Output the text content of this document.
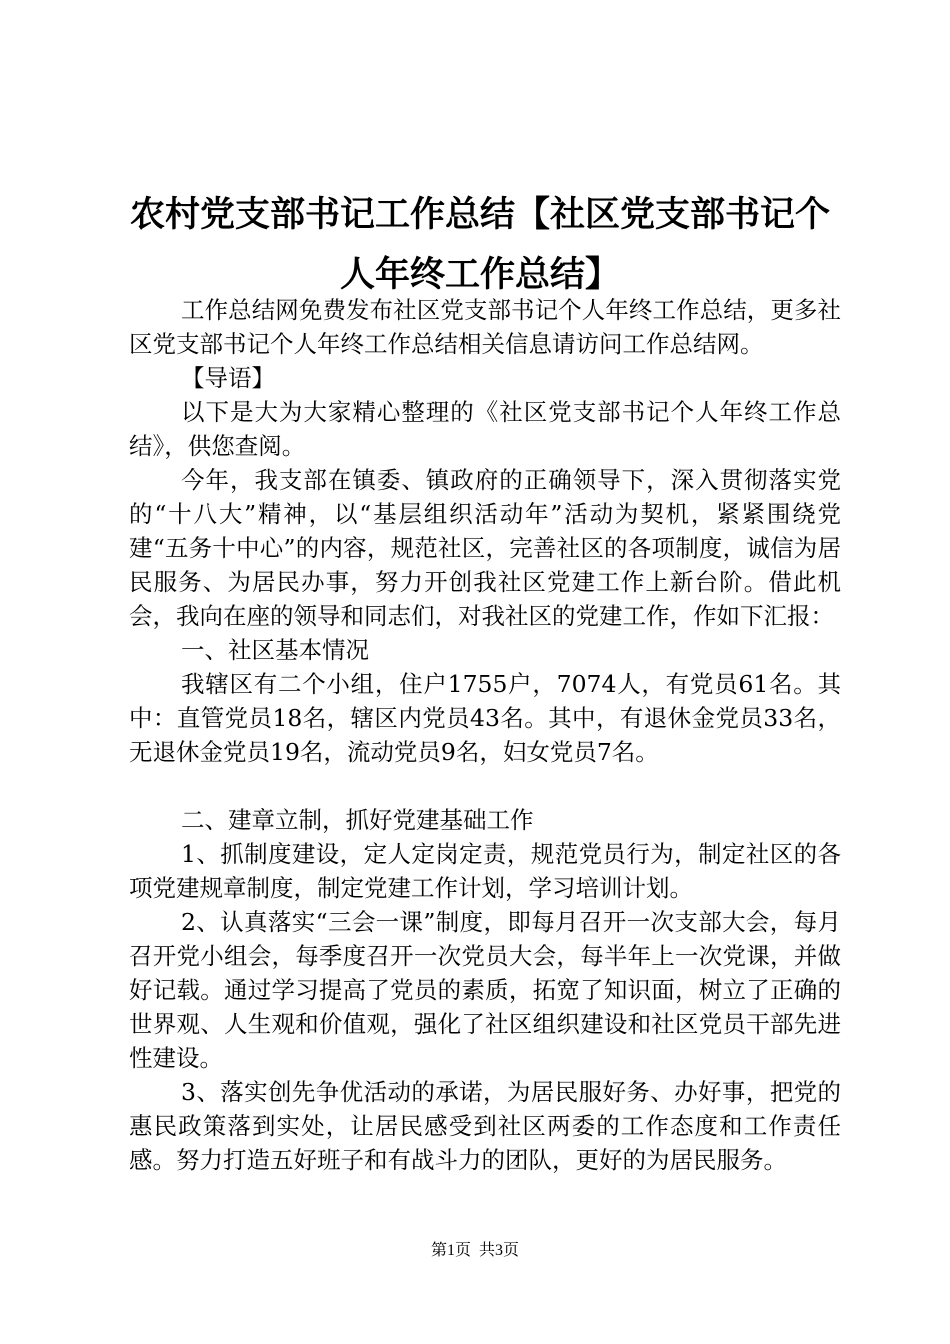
农村党支部书记工作总结【社区党支部书记个
人年终工作总结】

工作总结网免费发布社区党支部书记个人年终工作总结，更多社区党支部书记个人年终工作总结相关信息请访问工作总结网。

【导语】

以下是大为大家精心整理的《社区党支部书记个人年终工作总结》，供您查阅。

今年，我支部在镇委、镇政府的正确领导下，深入贯彻落实党的“十八大”精神，以“基层组织活动年”活动为契机，紧紧围绕党建“五务十中心”的内容，规范社区，完善社区的各项制度，诚信为居民服务、为居民办事，努力开创我社区党建工作上新台阶。借此机会，我向在座的领导和同志们，对我社区的党建工作，作如下汇报：

一、社区基本情况

我辖区有二个小组，住户1755户，7074人，有党员61名。其中：直管党员18名，辖区内党员43名。其中，有退休金党员33名，无退休金党员19名，流动党员9名，妇女党员7名。

二、建章立制，抓好党建基础工作

1、抓制度建设，定人定岗定责，规范党员行为，制定社区的各项党建规章制度，制定党建工作计划，学习培训计划。

2、认真落实“三会一课”制度，即每月召开一次支部大会，每月召开党小组会，每季度召开一次党员大会，每半年上一次党课，并做好记载。通过学习提高了党员的素质，拓宽了知识面，树立了正确的世界观、人生观和价值观，强化了社区组织建设和社区党员干部先进性建设。

3、落实创先争优活动的承诺，为居民服好务、办好事，把党的惠民政策落到实处，让居民感受到社区两委的工作态度和工作责任感。努力打造五好班子和有战斗力的团队，更好的为居民服务。

第1页 共3页
